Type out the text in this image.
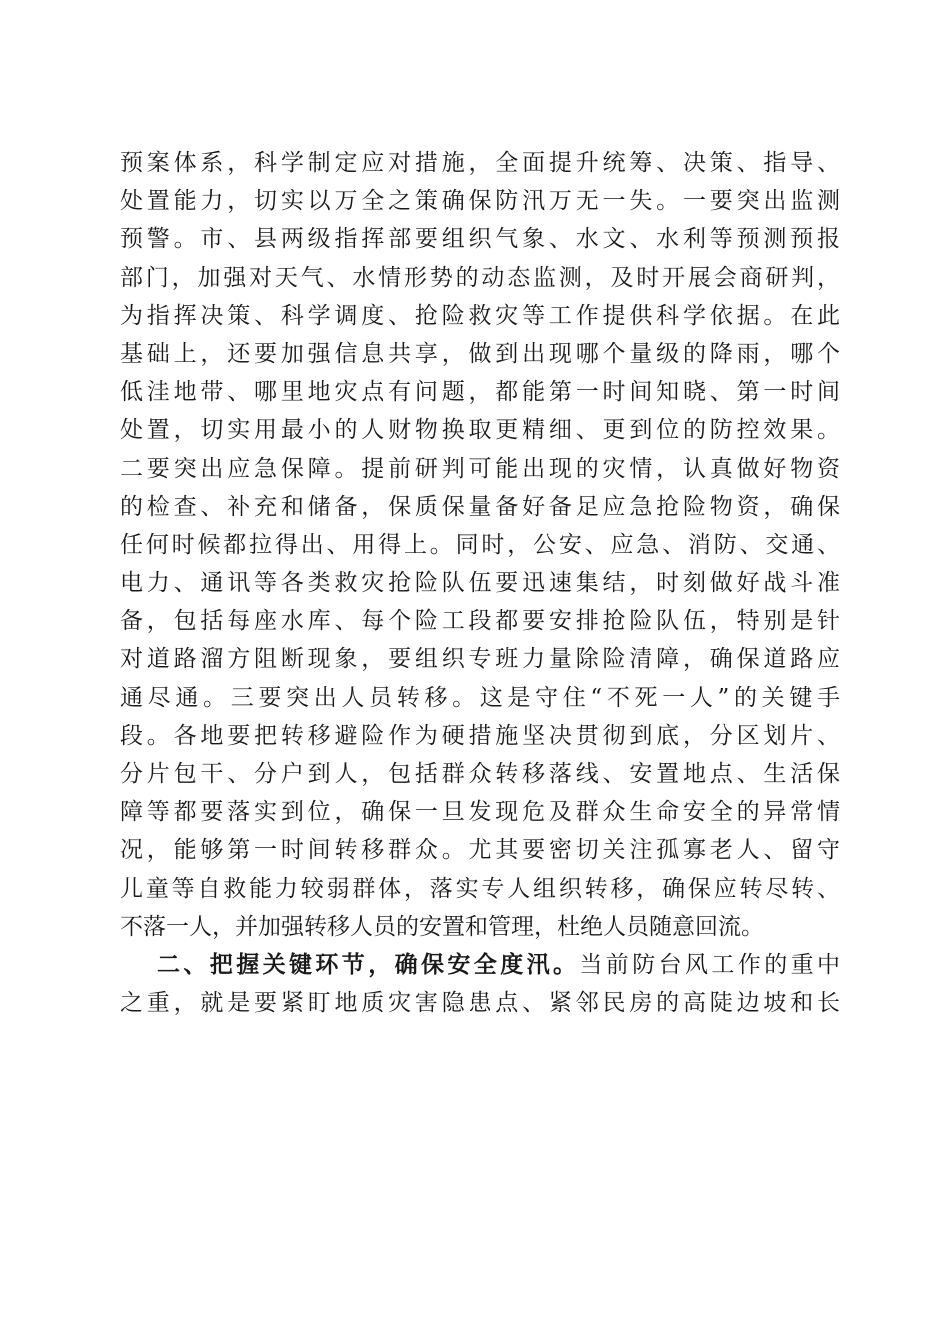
预案体系，科学制定应对措施，全面提升统筹、决策、指导、
处置能力，切实以万全之策确保防汛万无一失。一要突出监测
预警。市、县两级指挥部要组织气象、水文、水利等预测预报
部门，加强对天气、水情形势的动态监测，及时开展会商研判，
为指挥决策、科学调度、抢险救灾等工作提供科学依据。在此
基础上，还要加强信息共享，做到出现哪个量级的降雨，哪个
低洼地带、哪里地灾点有问题，都能第一时间知晓、第一时间
处置，切实用最小的人财物换取更精细、更到位的防控效果。
二要突出应急保障。提前研判可能出现的灾情，认真做好物资
的检查、补充和储备，保质保量备好备足应急抢险物资，确保
任何时候都拉得出、用得上。同时，公安、应急、消防、交通、
电力、通讯等各类救灾抢险队伍要迅速集结，时刻做好战斗准
备，包括每座水库、每个险工段都要安排抢险队伍，特别是针
对道路溜方阻断现象，要组织专班力量除险清障，确保道路应
通尽通。三要突出人员转移。这是守住“不死一人”的关键手
段。各地要把转移避险作为硬措施坚决贯彻到底，分区划片、
分片包干、分户到人，包括群众转移落线、安置地点、生活保
障等都要落实到位，确保一旦发现危及群众生命安全的异常情
况，能够第一时间转移群众。尤其要密切关注孤寡老人、留守
儿童等自救能力较弱群体，落实专人组织转移，确保应转尽转、
不落一人，并加强转移人员的安置和管理，杜绝人员随意回流。
二、把握关键环节，确保安全度汛。当前防台风工作的重中
之重，就是要紧盯地质灾害隐患点、紧邻民房的高陡边坡和长
